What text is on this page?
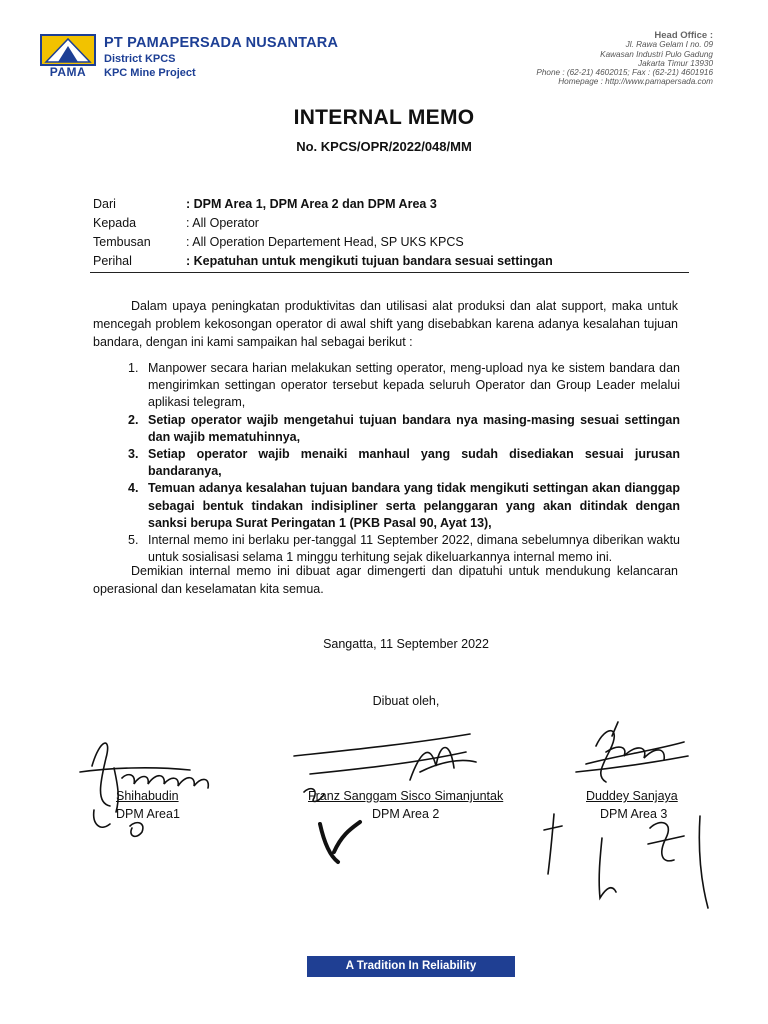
PAMA
PT PAMAPERSADA NUSANTARA
District KPCS
KPC Mine Project
Head Office :
Jl. Rawa Gelam I no. 09
Kawasan Industri Pulo Gadung
Jakarta Timur 13930
Phone : (62-21) 4602015; Fax : (62-21) 4601916
Homepage : http://www.pamapersada.com
INTERNAL MEMO
No. KPCS/OPR/2022/048/MM
Dari	: DPM Area 1, DPM Area 2 dan DPM Area 3
Kepada	: All Operator
Tembusan	: All Operation Departement Head, SP UKS KPCS
Perihal	: Kepatuhan untuk mengikuti tujuan bandara sesuai settingan
Dalam upaya peningkatan produktivitas dan utilisasi alat produksi dan alat support, maka untuk mencegah problem kekosongan operator di awal shift yang disebabkan karena adanya kesalahan tujuan bandara, dengan ini kami sampaikan hal sebagai berikut :
1. Manpower secara harian melakukan setting operator, meng-upload nya ke sistem bandara dan mengirimkan settingan operator tersebut kepada seluruh Operator dan Group Leader melalui aplikasi telegram,
2. Setiap operator wajib mengetahui tujuan bandara nya masing-masing sesuai settingan dan wajib mematuhinnya,
3. Setiap operator wajib menaiki manhaul yang sudah disediakan sesuai jurusan bandaranya,
4. Temuan adanya kesalahan tujuan bandara yang tidak mengikuti settingan akan dianggap sebagai bentuk tindakan indisipliner serta pelanggaran yang akan ditindak dengan sanksi berupa Surat Peringatan 1 (PKB Pasal 90, Ayat 13),
5. Internal memo ini berlaku per-tanggal 11 September 2022, dimana sebelumnya diberikan waktu untuk sosialisasi selama 1 minggu terhitung sejak dikeluarkannya internal memo ini.
Demikian internal memo ini dibuat agar dimengerti dan dipatuhi untuk mendukung kelancaran operasional dan keselamatan kita semua.
Sangatta, 11 September 2022
Dibuat oleh,
Shihabudin
DPM Area1
Franz Sanggam Sisco Simanjuntak
DPM Area 2
Duddey Sanjaya
DPM Area 3
A Tradition In Reliability
